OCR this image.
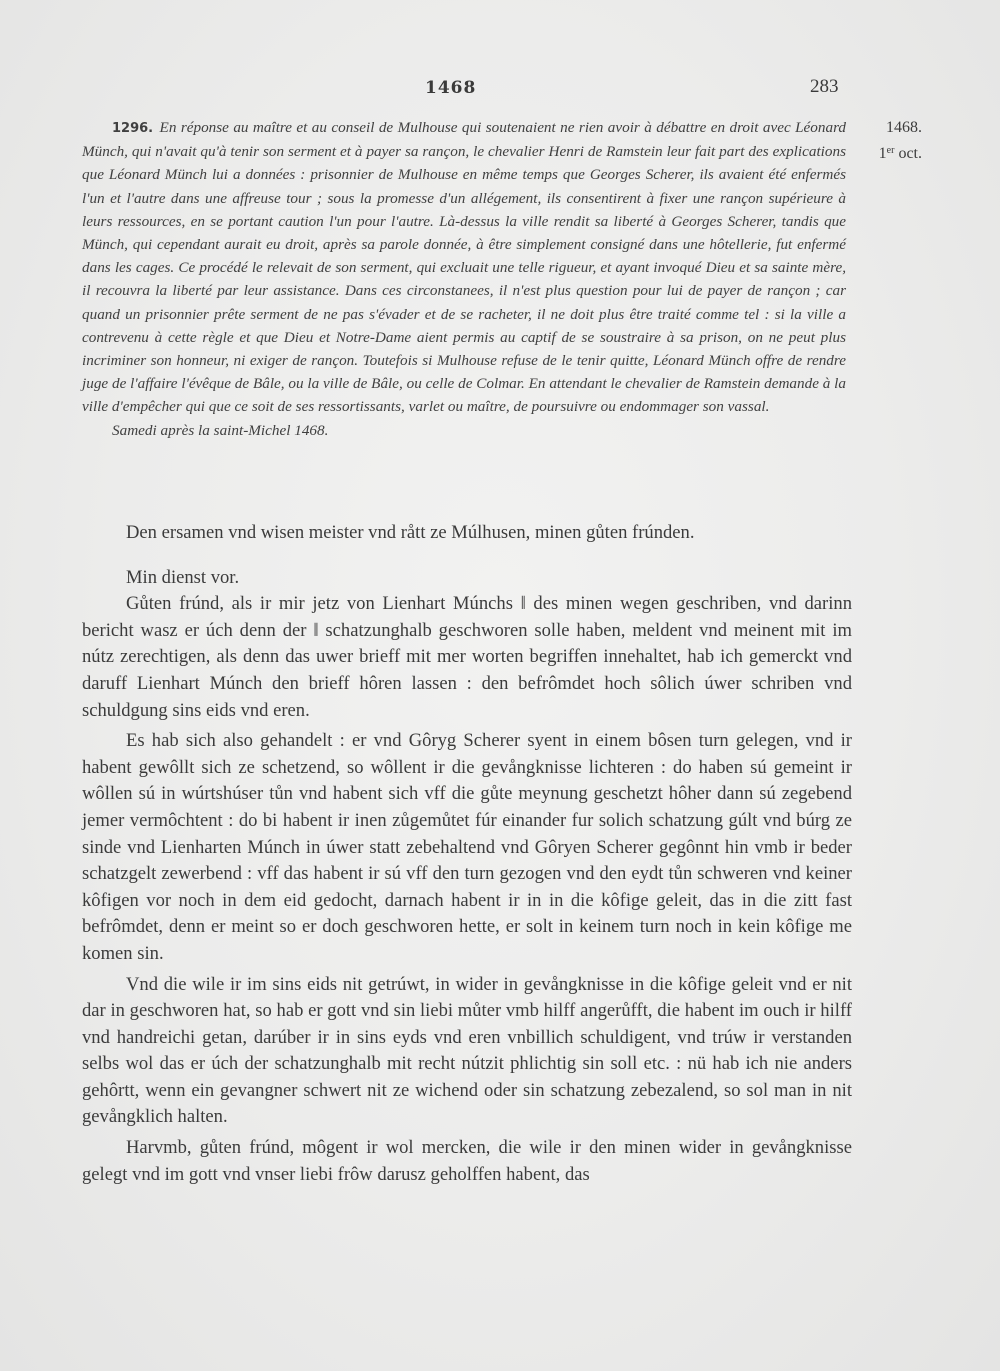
1468	283
1468.
1er oct.
1296. En réponse au maître et au conseil de Mulhouse qui soutenaient ne rien avoir à débattre en droit avec Léonard Münch, qui n'avait qu'à tenir son serment et à payer sa rançon, le chevalier Henri de Ramstein leur fait part des explications que Léonard Münch lui a données : prisonnier de Mulhouse en même temps que Georges Scherer, ils avaient été enfermés l'un et l'autre dans une affreuse tour ; sous la promesse d'un allégement, ils consentirent à fixer une rançon supérieure à leurs ressources, en se portant caution l'un pour l'autre. Là-dessus la ville rendit sa liberté à Georges Scherer, tandis que Münch, qui cependant aurait eu droit, après sa parole donnée, à être simplement consigné dans une hôtellerie, fut enfermé dans les cages. Ce procédé le relevait de son serment, qui excluait une telle rigueur, et ayant invoqué Dieu et sa sainte mère, il recouvra la liberté par leur assistance. Dans ces circonstanees, il n'est plus question pour lui de payer de rançon ; car quand un prisonnier prête serment de ne pas s'évader et de se racheter, il ne doit plus être traité comme tel : si la ville a contrevenu à cette règle et que Dieu et Notre-Dame aient permis au captif de se soustraire à sa prison, on ne peut plus incriminer son honneur, ni exiger de rançon. Toutefois si Mulhouse refuse de le tenir quitte, Léonard Münch offre de rendre juge de l'affaire l'évêque de Bâle, ou la ville de Bâle, ou celle de Colmar. En attendant le chevalier de Ramstein demande à la ville d'empêcher qui que ce soit de ses ressortissants, varlet ou maître, de poursuivre ou endommager son vassal.
Samedi après la saint-Michel 1468.

Den ersamen vnd wisen meister vnd rått ze Múlhusen, minen gůten frúnden.

Min dienst vor.

Gůten frúnd, als ir mir jetz von Lienhart Múnchs ǁ des minen wegen geschriben, vnd darinn bericht wasz er úch denn der ǁ schatzunghalb geschworen solle haben, meldent vnd meinent mit im nútz zerechtigen, als denn das uwer brieff mit mer worten begriffen innehaltet, hab ich gemerckt vnd daruff Lienhart Múnch den brieff hôren lassen : den befrômdet hoch sôlich úwer schriben vnd schuldgung sins eids vnd eren.

Es hab sich also gehandelt : er vnd Gôryg Scherer syent in einem bôsen turn gelegen, vnd ir habent gewôllt sich ze schetzend, so wôllent ir die gevångknisse lichteren : do haben sú gemeint ir wôllen sú in wúrtshúser tůn vnd habent sich vff die gůte meynung geschetzt hôher dann sú zegebend jemer vermôchtent : do bi habent ir inen zůgemůtet fúr einander fur solich schatzung gúlt vnd búrg ze sinde vnd Lienharten Múnch in úwer statt zebehaltend vnd Gôryen Scherer gegônnt hin vmb ir beder schatzgelt zewerbend : vff das habent ir sú vff den turn gezogen vnd den eydt tůn schweren vnd keiner kôfigen vor noch in dem eid gedocht, darnach habent ir in in die kôfige geleit, das in die zitt fast befrômdet, denn er meint so er doch geschworen hette, er solt in keinem turn noch in kein kôfige me komen sin.

Vnd die wile ir im sins eids nit getrúwt, in wider in gevångknisse in die kôfige geleit vnd er nit dar in geschworen hat, so hab er gott vnd sin liebi můter vmb hilff angerůfft, die habent im ouch ir hilff vnd handreichi getan, darúber ir in sins eyds vnd eren vnbillich schuldigent, vnd trúw ir verstanden selbs wol das er úch der schatzunghalb mit recht nútzit phlichtig sin soll etc. : nü hab ich nie anders gehôrtt, wenn ein gevangner schwert nit ze wichend oder sin schatzung zebezalend, so sol man in nit gevångklich halten.

Harvmb, gůten frúnd, môgent ir wol mercken, die wile ir den minen wider in gevångknisse gelegt vnd im gott vnd vnser liebi frôw darusz geholffen habent, das
